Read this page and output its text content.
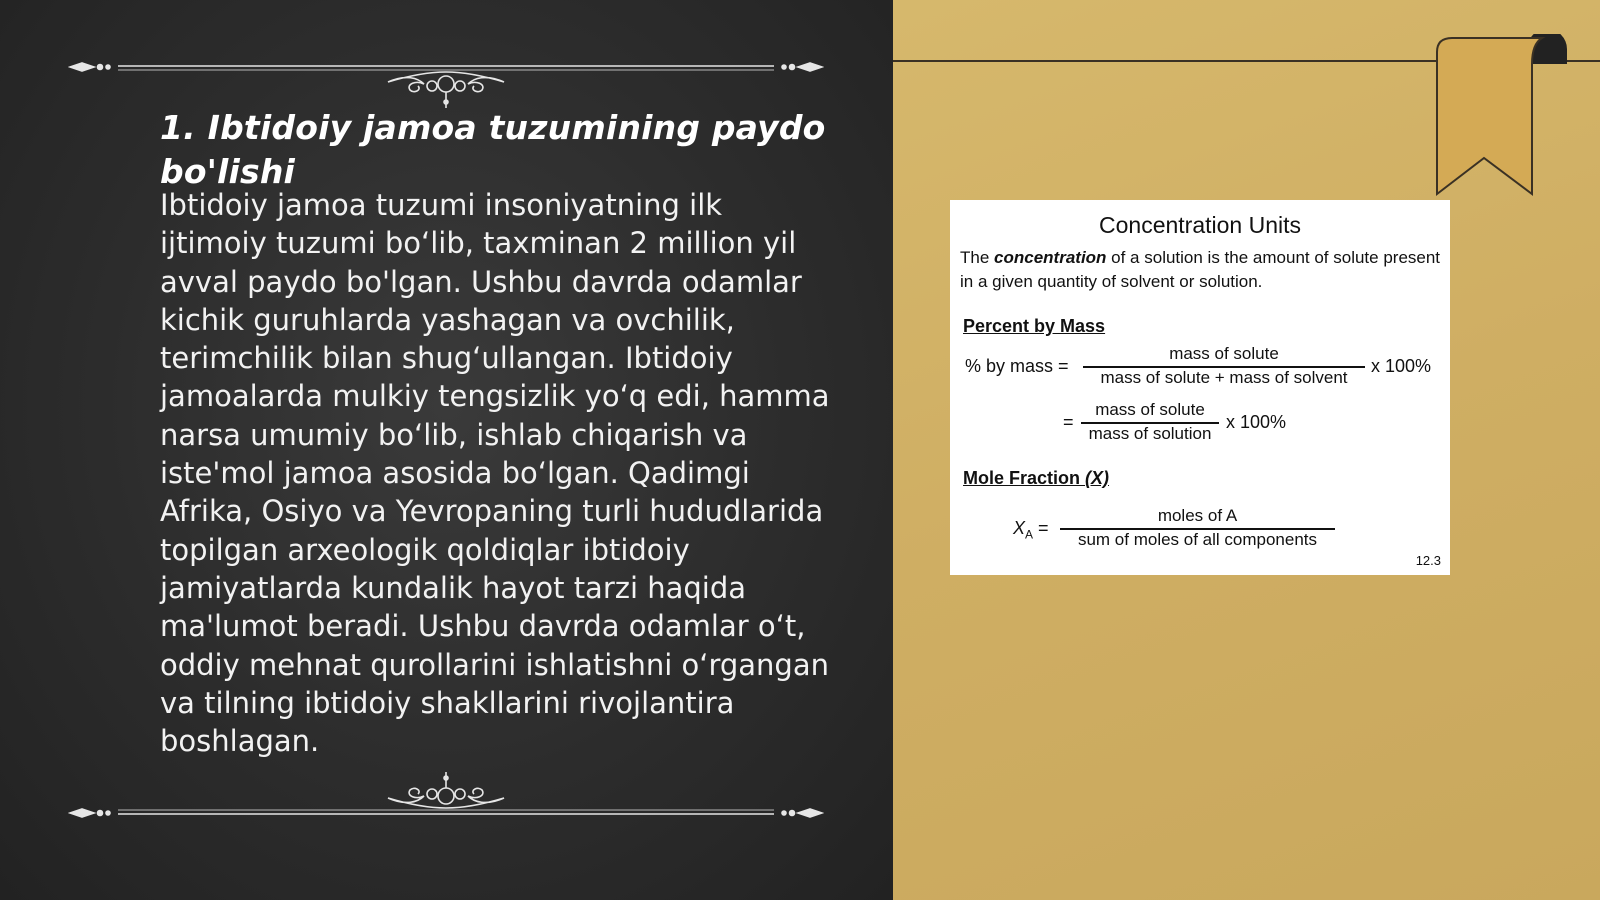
1. Ibtidoiy jamoa tuzumining paydo bo'lishi
Ibtidoiy jamoa tuzumi insoniyatning ilk ijtimoiy tuzumi bo‘lib, taxminan 2 million yil avval paydo bo'lgan. Ushbu davrda odamlar kichik guruhlarda yashagan va ovchilik, terimchilik bilan shug‘ullangan. Ibtidoiy jamoalarda mulkiy tengsizlik yo‘q edi, hamma narsa umumiy bo‘lib, ishlab chiqarish va iste'mol jamoa asosida bo‘lgan. Qadimgi Afrika, Osiyo va Yevropaning turli hududlarida topilgan arxeologik qoldiqlar ibtidoiy jamiyatlarda kundalik hayot tarzi haqida ma'lumot beradi. Ushbu davrda odamlar o‘t, oddiy mehnat qurollarini ishlatishni o‘rgangan va tilning ibtidoiy shakllarini rivojlantira boshlagan.
Concentration Units
The concentration of a solution is the amount of solute present in a given quantity of solvent or solution.
Percent by Mass
% by mass =
mass of solute
mass of solute + mass of solvent
x 100%
=
mass of solute
mass of solution
x 100%
Mole Fraction (X)
$X_A$ =
moles of A
sum of moles of all components
12.3
